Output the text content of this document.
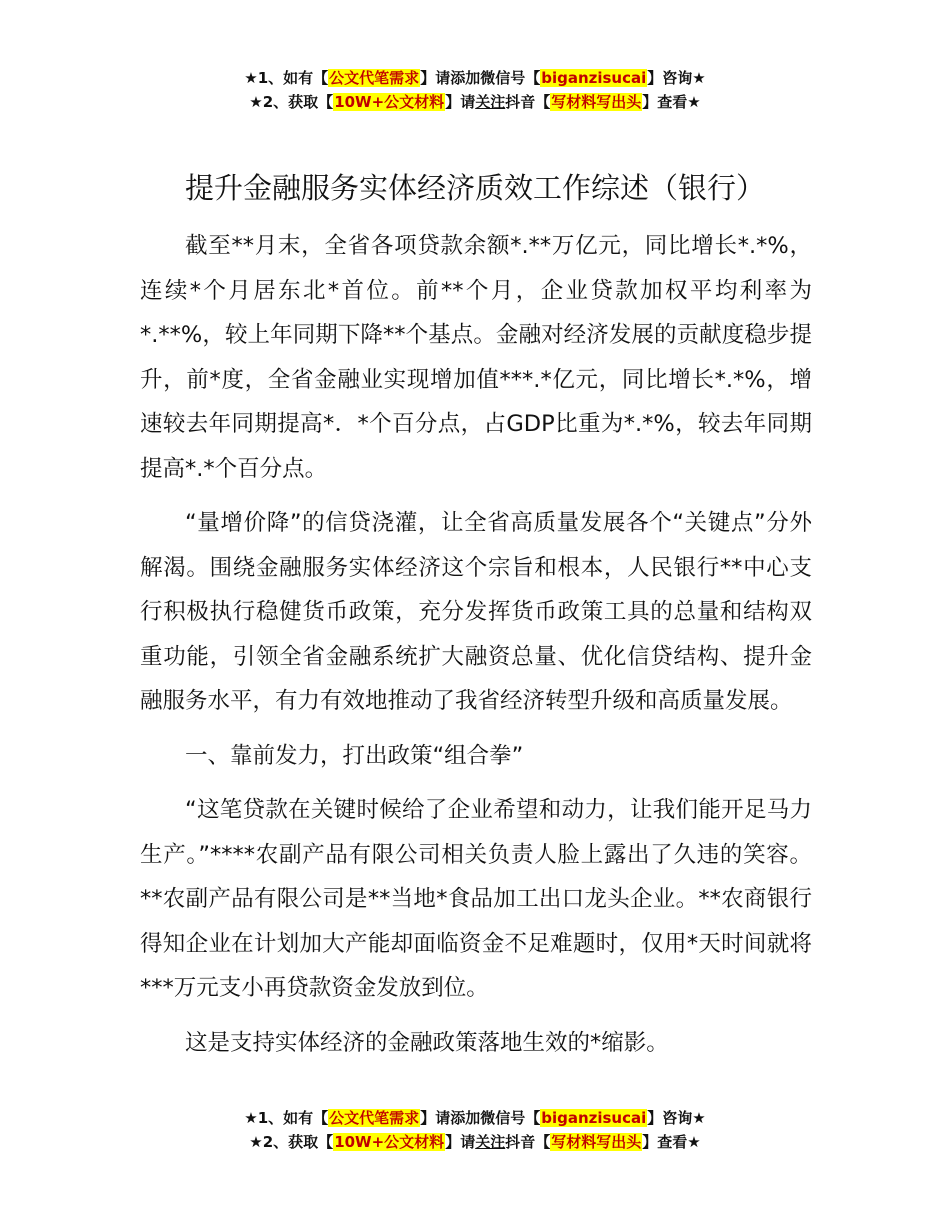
★1、如有【公文代笔需求】请添加微信号【biganzisucai】咨询★
★2、获取【10W+公文材料】请关注抖音【写材料写出头】查看★
提升金融服务实体经济质效工作综述（银行）

截至**月末，全省各项贷款余额*.**万亿元，同比增长*.*%，连续*个月居东北*首位。前**个月，企业贷款加权平均利率为*.**%，较上年同期下降**个基点。金融对经济发展的贡献度稳步提升，前*度，全省金融业实现增加值***.*亿元，同比增长*.*%，增速较去年同期提高*．*个百分点，占GDP比重为*.*%，较去年同期提高*.*个百分点。

“量增价降”的信贷浇灌，让全省高质量发展各个“关键点”分外解渴。围绕金融服务实体经济这个宗旨和根本，人民银行**中心支行积极执行稳健货币政策，充分发挥货币政策工具的总量和结构双重功能，引领全省金融系统扩大融资总量、优化信贷结构、提升金融服务水平，有力有效地推动了我省经济转型升级和高质量发展。

一、靠前发力，打出政策“组合拳”

“这笔贷款在关键时候给了企业希望和动力，让我们能开足马力生产。”****农副产品有限公司相关负责人脸上露出了久违的笑容。**农副产品有限公司是**当地*食品加工出口龙头企业。**农商银行得知企业在计划加大产能却面临资金不足难题时，仅用*天时间就将***万元支小再贷款资金发放到位。

这是支持实体经济的金融政策落地生效的*缩影。

★1、如有【公文代笔需求】请添加微信号【biganzisucai】咨询★
★2、获取【10W+公文材料】请关注抖音【写材料写出头】查看★
